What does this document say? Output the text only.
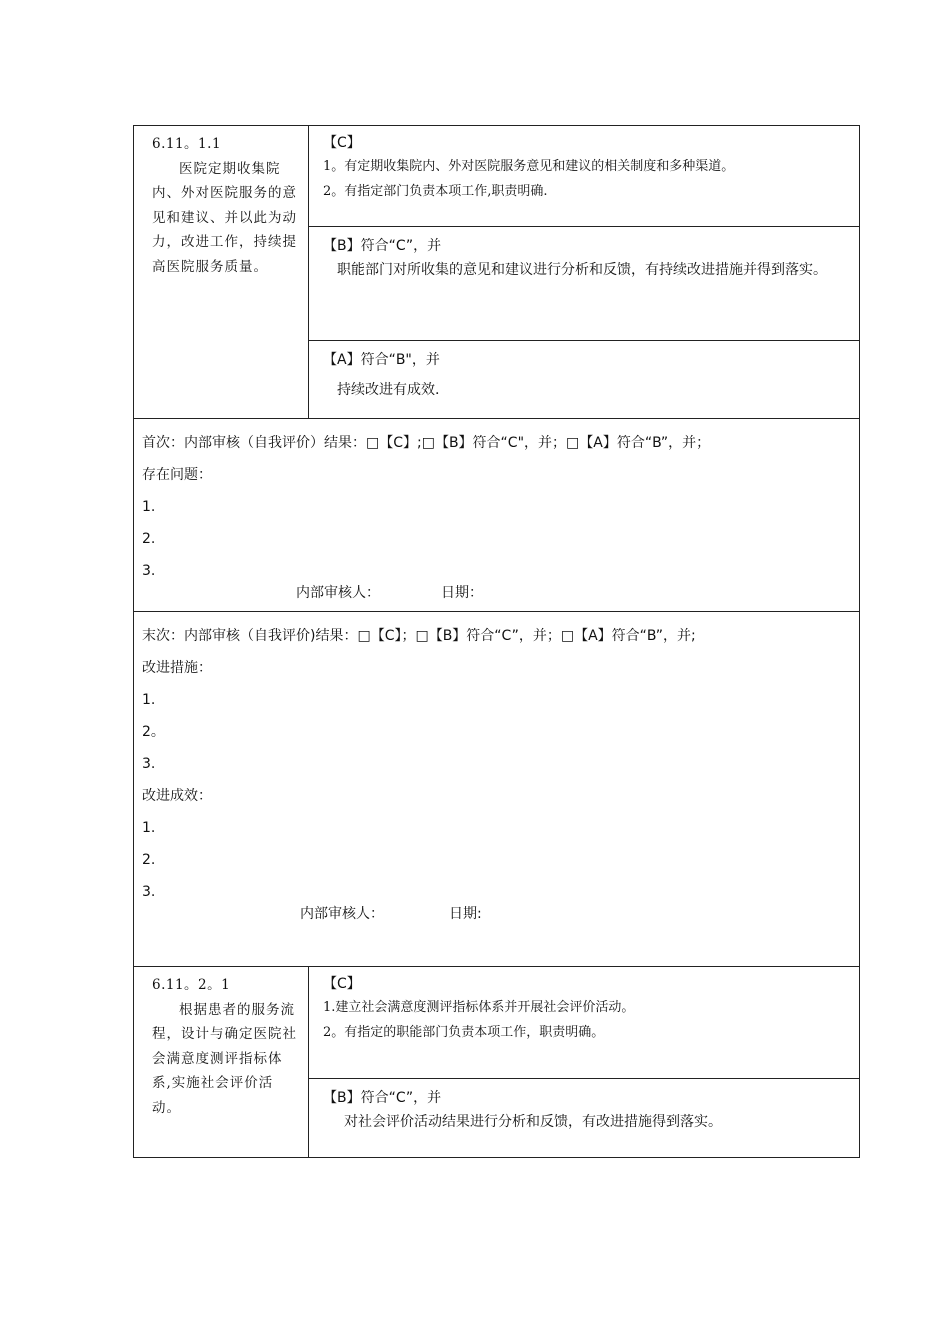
6.11。1.1
医院定期收集院内、外对医院服务的意见和建议、并以此为动力，改进工作，持续提高医院服务质量。
【C】
1。有定期收集院内、外对医院服务意见和建议的相关制度和多种渠道。
2。有指定部门负责本项工作,职责明确.
【B】符合“C”，并
职能部门对所收集的意见和建议进行分析和反馈，有持续改进措施并得到落实。
【A】符合“B"，并
持续改进有成效.
首次：内部审核（自我评价）结果：□【C】;□【B】符合“C"，并；□【A】符合“B”，并；
存在问题：
1.
2.
3.
内部审核人：	日期：
末次：内部审核（自我评价)结果：□【C】；□【B】符合“C”，并；□【A】符合“B”，并;
改进措施：
1.
2。
3.
改进成效：
1.
2.
3.
内部审核人：	日期:
6.11。2。1
根据患者的服务流程，设计与确定医院社会满意度测评指标体系,实施社会评价活动。
【C】
1.建立社会满意度测评指标体系并开展社会评价活动。
2。有指定的职能部门负责本项工作，职责明确。
【B】符合“C”，并
对社会评价活动结果进行分析和反馈，有改进措施得到落实。
